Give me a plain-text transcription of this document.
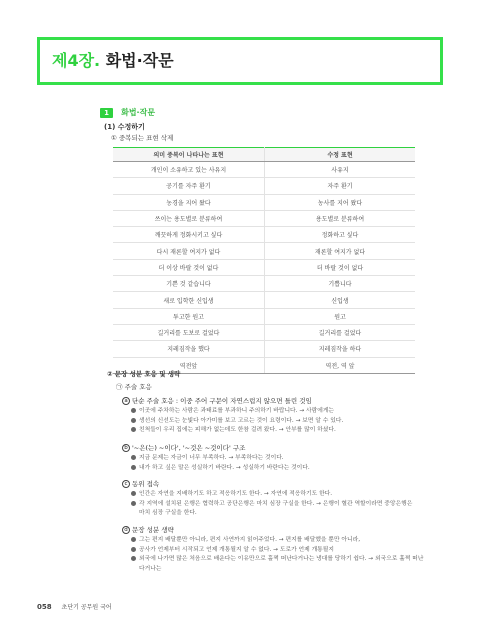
제4장. 화법·작문
1 화법·작문
(1) 수정하기
① 중복되는 표현 삭제
의미 중복이 나타나는 표현	수정 표현
개인이 소유하고 있는 사유지	사유지
공기를 자주 환기	자주 환기
농경을 지어 왔다	농사를 지어 왔다
쓰이는 용도별로 분류하여	용도별로 분류하여
깨끗하게 정화시키고 싶다	정화하고 싶다
다시 재론할 여지가 없다	재론할 여지가 없다
더 이상 바랄 것이 없다	더 바랄 것이 없다
기쁜 것 같습니다	기쁩니다
새로 입학한 신입생	신입생
투고한 원고	원고
길거리를 도보로 걸었다	길거리를 걸었다
지레짐작을 했다	지레짐작을 하다
역전앞	역전, 역 앞
② 문장 성분 호응 및 생략
㉠ 주술 호응
a 단순 주술 호응 : 이중 주어 구문이 자연스럽지 않으면 틀린 것임
이곳에 주차하는 사람은 과태료를 부과하니 주의하기 바랍니다. → 사람에게는
생선의 신선도는 눈빛다 아가미를 보고 고르는 것이 요령이다. → 보면 알 수 있다.
친척들이 우리 집에는 피해가 없는데도 한참 걸려 왔다. → 안부를 많이 하셨다.
b '~은(는) ~이다', '~것은 ~것이다' 구조
지금 문제는 자금이 너무 부족하다. → 부족하다는 것이다.
내가 하고 싶은 말은 성실하기 바란다. → 성실하기 바란다는 것이다.
c 동위 접속
인간은 자연을 지배하기도 하고 적응하기도 한다. → 자연에 적응하기도 한다.
각 지역에 설치된 은행은 협력하고 공단은행은 마치 심장 구실을 한다. → 은행이 혈관 역할이라면 중앙은행은
마치 심장 구실을 한다.
d 문장 성분 생략
그는 편지 배달뿐만 아니라, 편지 사연까지 읽어주었다. → 편지를 배달했을 뿐만 아니라,
공사가 언제부터 시작되고 언제 개통될지 알 수 없다. → 도로가 언제 개통될지
외국에 나가면 많은 처음으로 배운다는 이유만으로 홀쩍 떠난다거나는 냉대를 당하기 쉽다. → 외국으로 훌쩍 떠난
다거나는
058 초단기 공무원 국어
